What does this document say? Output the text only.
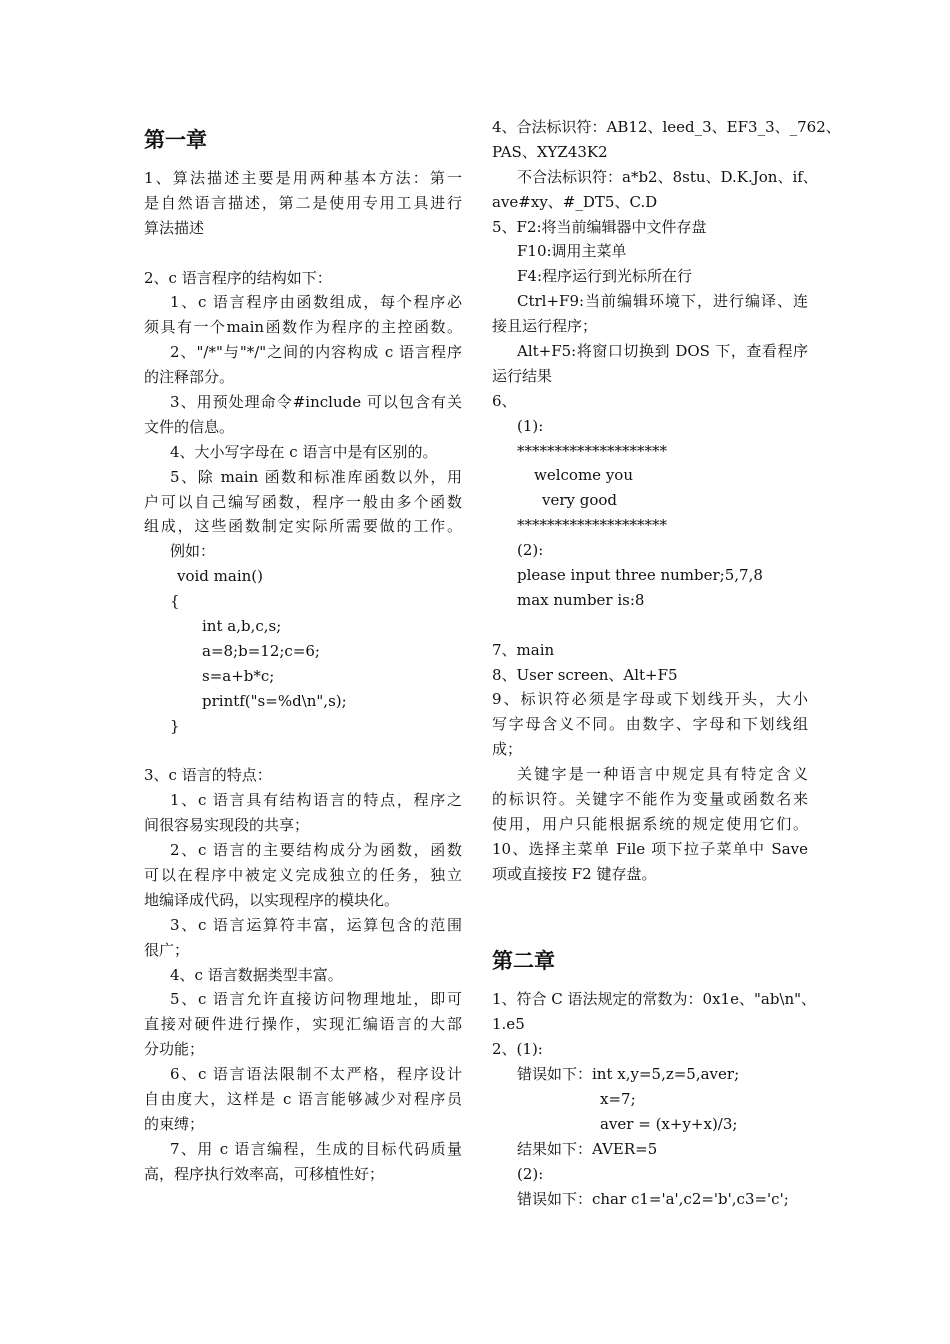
第一章
1、算法描述主要是用两种基本方法：第一
是自然语言描述，第二是使用专用工具进行
算法描述
2、c 语言程序的结构如下：
1、c 语言程序由函数组成，每个程序必
须具有一个main函数作为程序的主控函数。
2、"/*"与"*/"之间的内容构成 c 语言程序
的注释部分。
3、用预处理命令#include 可以包含有关
文件的信息。
4、大小写字母在 c 语言中是有区别的。
5、除 main 函数和标准库函数以外，用
户可以自己编写函数，程序一般由多个函数
组成，这些函数制定实际所需要做的工作。
例如：
void main()
{
int a,b,c,s;
a=8;b=12;c=6;
s=a+b*c;
printf("s=%d\n",s);
}
3、c 语言的特点：
1、c 语言具有结构语言的特点，程序之
间很容易实现段的共享；
2、c 语言的主要结构成分为函数，函数
可以在程序中被定义完成独立的任务，独立
地编译成代码，以实现程序的模块化。
3、c 语言运算符丰富，运算包含的范围
很广；
4、c 语言数据类型丰富。
5、c 语言允许直接访问物理地址，即可
直接对硬件进行操作，实现汇编语言的大部
分功能；
6、c 语言语法限制不太严格，程序设计
自由度大，这样是 c 语言能够减少对程序员
的束缚；
7、用 c 语言编程，生成的目标代码质量
高，程序执行效率高，可移植性好；
4、合法标识符：AB12、leed_3、EF3_3、_762、
PAS、XYZ43K2
不合法标识符：a*b2、8stu、D.K.Jon、if、
ave#xy、#_DT5、C.D
5、F2:将当前编辑器中文件存盘
F10:调用主菜单
F4:程序运行到光标所在行
Ctrl+F9:当前编辑环境下，进行编译、连
接且运行程序；
Alt+F5:将窗口切换到 DOS 下，查看程序
运行结果
6、
(1):
********************
welcome you
very good
********************
(2):
please input three number;5,7,8
max number is:8
7、main
8、User screen、Alt+F5
9、标识符必须是字母或下划线开头，大小
写字母含义不同。由数字、字母和下划线组
成；
关键字是一种语言中规定具有特定含义
的标识符。关键字不能作为变量或函数名来
使用，用户只能根据系统的规定使用它们。
10、选择主菜单 File 项下拉子菜单中 Save
项或直接按 F2 键存盘。
第二章
1、符合 C 语法规定的常数为：0x1e、"ab\n"、
1.e5
2、(1):
错误如下：int x,y=5,z=5,aver;
x=7;
aver = (x+y+x)/3;
结果如下：AVER=5
(2):
错误如下：char c1='a',c2='b',c3='c';
